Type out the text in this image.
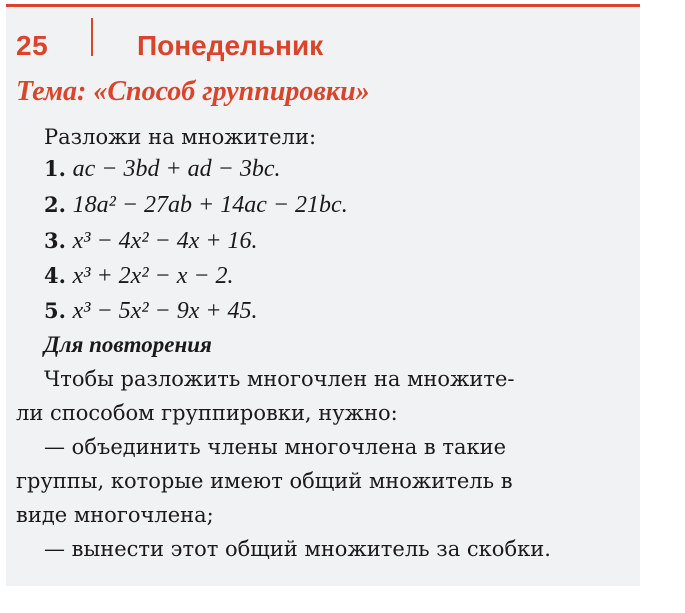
25	Понедельник
Тема: «Способ группировки»
Разложи на множители:
1. ac − 3bd + ad − 3bc.
2. 18a² − 27ab + 14ac − 21bc.
3. x³ − 4x² − 4x + 16.
4. x³ + 2x² − x − 2.
5. x³ − 5x² − 9x + 45.
Для повторения
Чтобы разложить многочлен на множите-
ли способом группировки, нужно:
— объединить члены многочлена в такие
группы, которые имеют общий множитель в
виде многочлена;
— вынести этот общий множитель за скобки.
